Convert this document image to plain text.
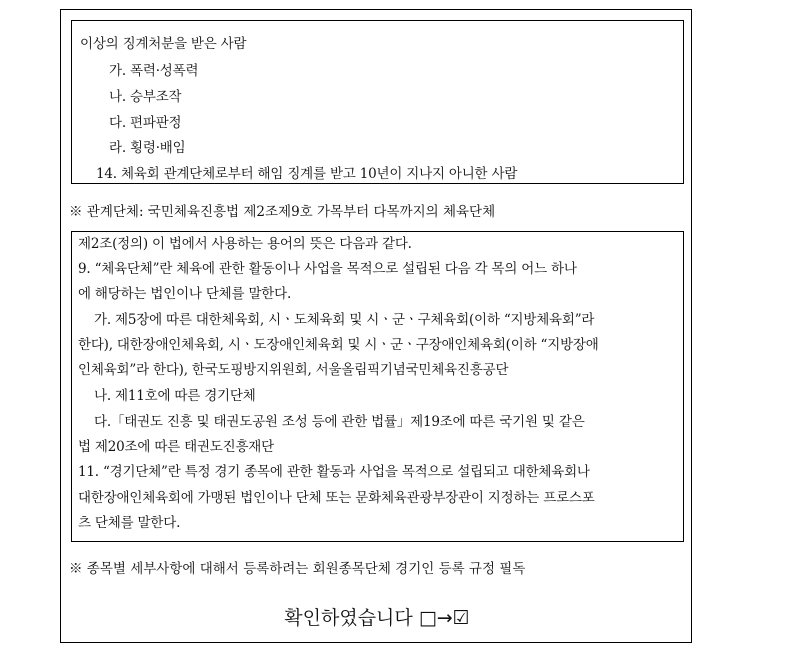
이상의 징계처분을 받은 사람
가. 폭력·성폭력
나. 승부조작
다. 편파판정
라. 횡령·배임
14. 체육회 관계단체로부터 해임 징계를 받고 10년이 지나지 아니한 사람
※ 관계단체: 국민체육진흥법 제2조제9호 가목부터 다목까지의 체육단체
제2조(정의) 이 법에서 사용하는 용어의 뜻은 다음과 같다.
9. “체육단체”란 체육에 관한 활동이나 사업을 목적으로 설립된 다음 각 목의 어느 하나
에 해당하는 법인이나 단체를 말한다.
가. 제5장에 따른 대한체육회, 시ㆍ도체육회 및 시ㆍ군ㆍ구체육회(이하 “지방체육회”라
한다), 대한장애인체육회, 시ㆍ도장애인체육회 및 시ㆍ군ㆍ구장애인체육회(이하 “지방장애
인체육회”라 한다), 한국도핑방지위원회, 서울올림픽기념국민체육진흥공단
나. 제11호에 따른 경기단체
다.「태권도 진흥 및 태권도공원 조성 등에 관한 법률」제19조에 따른 국기원 및 같은
법 제20조에 따른 태권도진흥재단
11. “경기단체”란 특정 경기 종목에 관한 활동과 사업을 목적으로 설립되고 대한체육회나
대한장애인체육회에 가맹된 법인이나 단체 또는 문화체육관광부장관이 지정하는 프로스포
츠 단체를 말한다.
※ 종목별 세부사항에 대해서 등록하려는 회원종목단체 경기인 등록 규정 필독
확인하였습니다 □→☑
